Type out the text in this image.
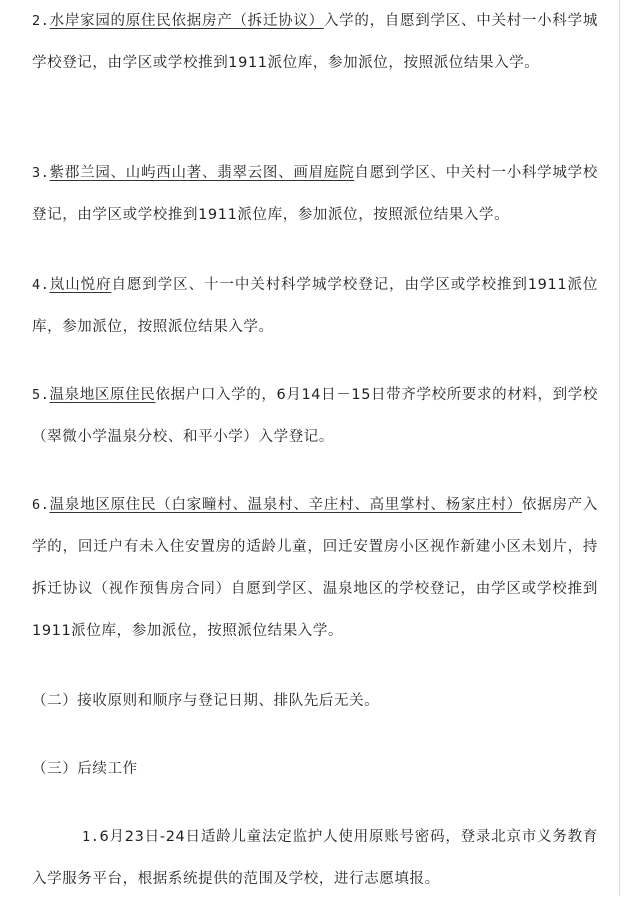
2.水岸家园的原住民依据房产（拆迁协议）入学的，自愿到学区、中关村一小科学城学校登记，由学区或学校推到1911派位库，参加派位，按照派位结果入学。

3.紫郡兰园、山屿西山著、翡翠云图、画眉庭院自愿到学区、中关村一小科学城学校登记，由学区或学校推到1911派位库，参加派位，按照派位结果入学。

4.岚山悦府自愿到学区、十一中关村科学城学校登记，由学区或学校推到1911派位库，参加派位，按照派位结果入学。

5.温泉地区原住民依据户口入学的，6月14日－15日带齐学校所要求的材料，到学校（翠微小学温泉分校、和平小学）入学登记。

6.温泉地区原住民（白家疃村、温泉村、辛庄村、高里掌村、杨家庄村）依据房产入学的，回迁户有未入住安置房的适龄儿童，回迁安置房小区视作新建小区未划片，持拆迁协议（视作预售房合同）自愿到学区、温泉地区的学校登记，由学区或学校推到1911派位库，参加派位，按照派位结果入学。

（二）接收原则和顺序与登记日期、排队先后无关。

（三）后续工作

1.6月23日-24日适龄儿童法定监护人使用原账号密码，登录北京市义务教育入学服务平台，根据系统提供的范围及学校，进行志愿填报。
